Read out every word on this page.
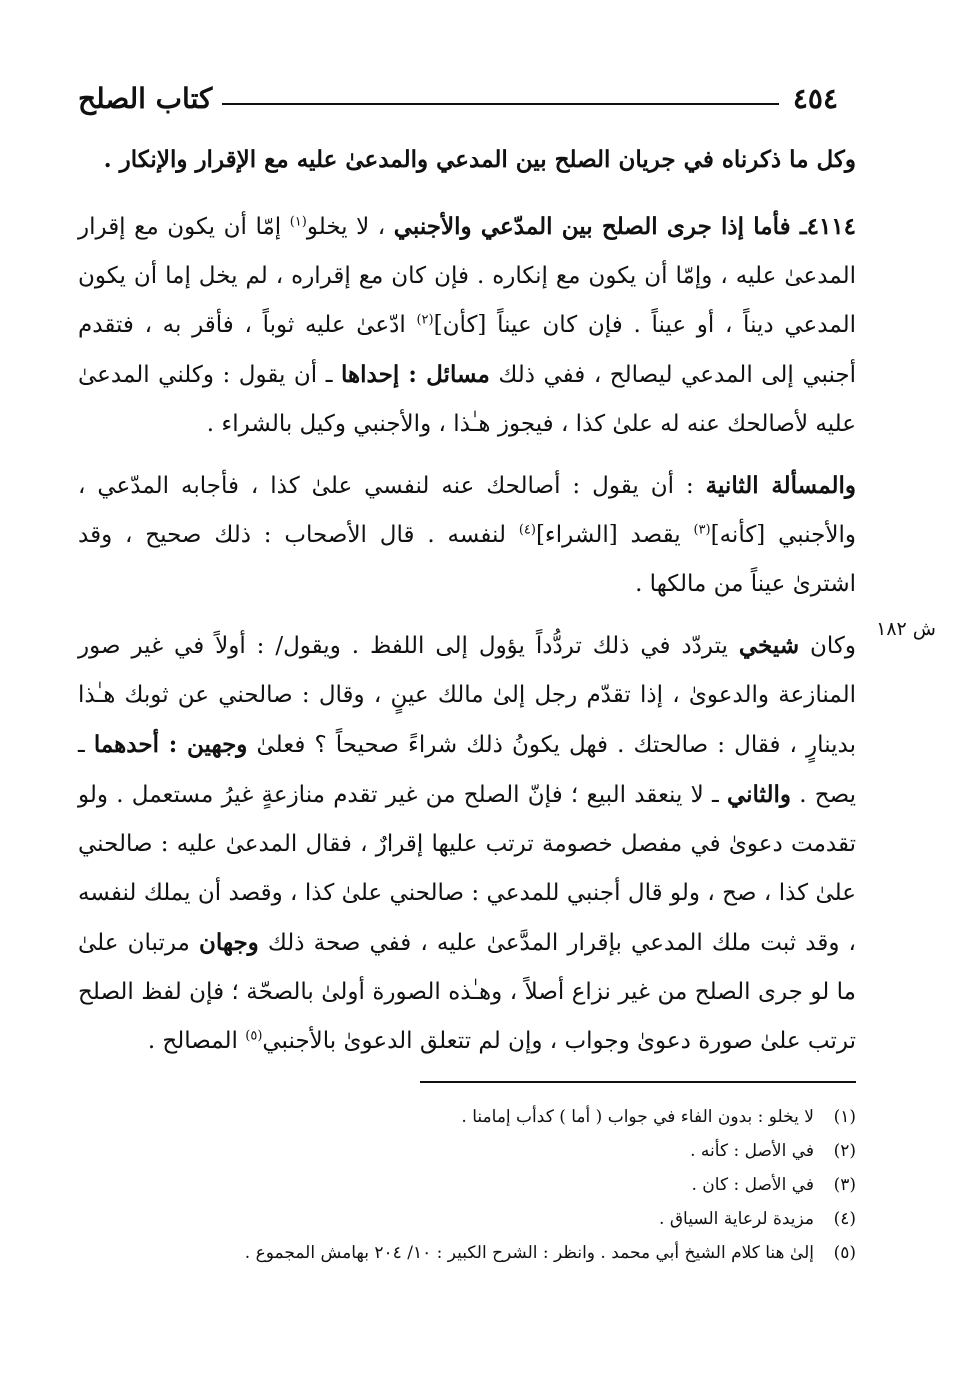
٤٥٤
كتاب الصلح

وكل ما ذكرناه في جريان الصلح بين المدعي والمدعىٰ عليه مع الإقرار والإنكار .

٤١١٤ـ فأما إذا جرى الصلح بين المدّعي والأجنبي ، لا يخلو$^{(١)}$ إمّا أن يكون مع إقرار المدعىٰ عليه ، وإمّا أن يكون مع إنكاره . فإن كان مع إقراره ، لم يخل إما أن يكون المدعي ديناً ، أو عيناً . فإن كان عيناً [كأن]$^{(٢)}$ ادّعىٰ عليه ثوباً ، فأقر به ، فتقدم أجنبي إلى المدعي ليصالح ، ففي ذلك مسائل : إحداها ـ أن يقول : وكلني المدعىٰ عليه لأصالحك عنه له علىٰ كذا ، فيجوز هـٰذا ، والأجنبي وكيل بالشراء .

والمسألة الثانية : أن يقول : أصالحك عنه لنفسي علىٰ كذا ، فأجابه المدّعي ، والأجنبي [كأنه]$^{(٣)}$ يقصد [الشراء]$^{(٤)}$ لنفسه . قال الأصحاب : ذلك صحيح ، وقد اشترىٰ عيناً من مالكها .

وكان شيخي يتردّد في ذلك تردُّداً يؤول إلى اللفظ . ويقول/ : أولاً في غير صور المنازعة والدعوىٰ ، إذا تقدّم رجل إلىٰ مالك عينٍ ، وقال : صالحني عن ثوبك هـٰذا بدينارٍ ، فقال : صالحتك . فهل يكونُ ذلك شراءً صحيحاً ؟ فعلىٰ وجهين : أحدهما ـ يصح . والثاني ـ لا ينعقد البيع ؛ فإنّ الصلح من غير تقدم منازعةٍ غيرُ مستعمل . ولو تقدمت دعوىٰ في مفصل خصومة ترتب عليها إقرارٌ ، فقال المدعىٰ عليه : صالحني علىٰ كذا ، صح ، ولو قال أجنبي للمدعي : صالحني علىٰ كذا ، وقصد أن يملك لنفسه ، وقد ثبت ملك المدعي بإقرار المدَّعىٰ عليه ، ففي صحة ذلك وجهان مرتبان علىٰ ما لو جرى الصلح من غير نزاع أصلاً ، وهـٰذه الصورة أولىٰ بالصحّة ؛ فإن لفظ الصلح ترتب علىٰ صورة دعوىٰ وجواب ، وإن لم تتعلق الدعوىٰ بالأجنبي$^{(٥)}$ المصالح .

ش ١٨٢
(١)
لا يخلو : بدون الفاء في جواب ( أما ) كدأب إمامنا .
(٢)
في الأصل : كأنه .
(٣)
في الأصل : كان .
(٤)
مزيدة لرعاية السياق .
(٥)
إلىٰ هنا كلام الشيخ أبي محمد . وانظر : الشرح الكبير : ١٠/ ٢٠٤ بهامش المجموع .
